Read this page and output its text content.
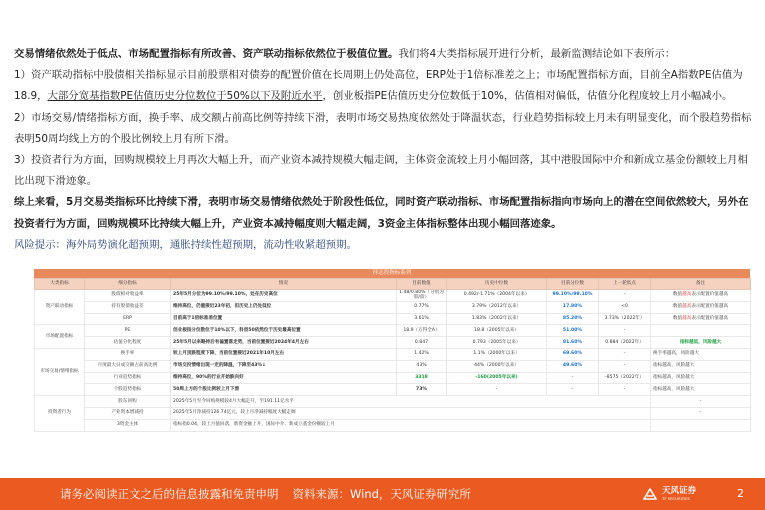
交易情绪依然处于低点、市场配置指标有所改善、资产联动指标依然位于极值位置。我们将4大类指标展开进行分析，最新监测结论如下表所示：

1）资产联动指标中股债相关指标显示目前股票相对债券的配置价值在长周期上仍处高位，ERP处于1倍标准差之上；市场配置指标方面，目前全A指数PE估值为18.9，大部分宽基指数PE估值历史分位数位于50%以下及附近水平，创业板指PE估值历史分位数低于10%，估值相对偏低，估值分化程度较上月小幅减小。

2）市场交易/情绪指标方面，换手率、成交额占前高比例等持续下滑，表明市场交易热度依然处于降温状态，行业趋势指标较上月未有明显变化，而个股趋势指标表明50周均线上方的个股比例较上月有所下滑。

3）投资者行为方面，回购规模较上月再次大幅上升，而产业资本减持规模大幅走阔，主体资金流较上月小幅回落，其中港股国际中介和新成立基金份额较上月相比出现下滑迹象。

综上来看，5月交易类指标环比持续下滑，表明市场交易情绪依然处于阶段性低位，同时资产联动指标、市场配置指标指向市场向上的潜在空间依然较大，另外在投资者行为方面，回购规模环比持续大幅上升，产业资本减持幅度则大幅走阔，3资金主体指标整体出现小幅回落迹象。

风险提示：海外局势演化超预期，通胀持续性超预期，流动性收紧超预期。

择志投指标系列
大类指标	细分指标	情况	目前数值	历史中位数	目前分位数	上一轮低点	备注
资产联动指标	股债相对收益率	25年5月分位为99.10%/99.10%，处在历史高位	1.48/0.80%（分别为股/债）	0.492/-1.71%（2004年以来）	99.10%/99.10%	-	数值越高表示配置价值越高
	持有股债收益差	维持高位，仍重接近23年初，但历史上仍处低位	0.77%	3.79%（2012年以来）	17.80%	<0	数值越高表示配置价值越高
	ERP	目前高于1倍标准差位置	3.61%	1.83%（2002年以来）	85.20%	3.73%（2022年）	数值越高表示配置价值越高
市场配置指标	PE	创业板指分位数位于10%以下，科创50依然位于历史最高位置	18.9（万得全A）	18.8（2005年以来）	51.00%	-	
	估值分化程度	25年5月以来略持后有偏置落走势，当前位置接近2024年4月左右	0.847	0.793（2005年以来）	81.60%	0.884（2022年）	指标越低，风险越大
市场交易/情绪指标	换手率	较上月顶跌程度下降，当前位置接近2021年10月左右	1.42%	1.1%（2000年以来）	69.60%	-	换手率越高，风险越大
	月度最大日成交额占前高比例	市场交投情绪出现一定的降温，下降至43%↓	43%	44%（2000年以来）	49.60%	-	指标越高，风险越大
	行业趋势指标	维持高位，90%的行业开始跌向好	3318	-160(2005年以来)	-	-8575（2022年）	指标越高，风险越大
	个股趋势指标	50周上方的个股比例较上月下滑	73%	-	-	-	指标越高，风险越大
投资者行为	股东回购	2025年5月至今回购规模较4月大幅走升，至191.11亿水平					-
	产业资本增减持	2025年5月净减持126.74亿元，较上月净减持幅度大幅走阔					-
	3资金主体	指标指0.04，较上月值回落，新资金额上升，国际中介、新成立基金份额较上月					
请务必阅读正文之后的信息披露和免责申明 资料来源：Wind，天风证券研究所	天风证券
TF SECURITIES	2
